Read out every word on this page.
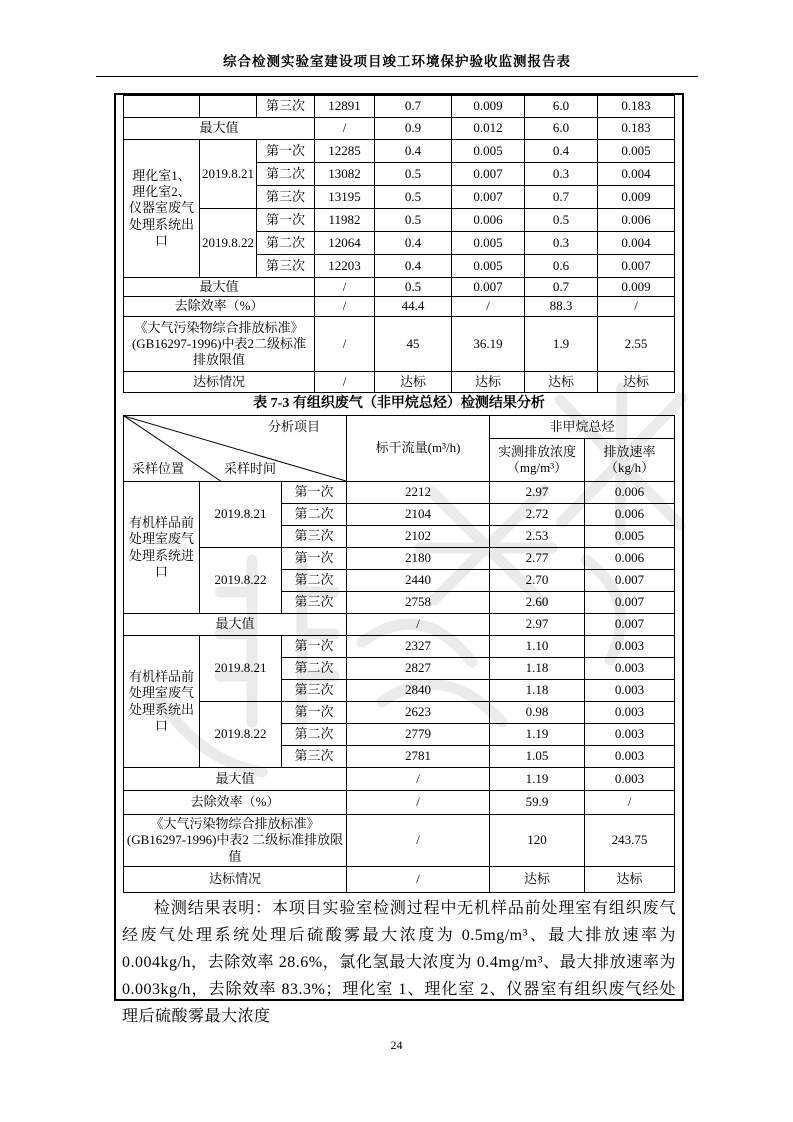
综合检测实验室建设项目竣工环境保护验收监测报告表
		第三次	12891	0.7	0.009	6.0	0.183
最大值			/	0.9	0.012	6.0	0.183
理化室1、理化室2、仪器室废气处理系统出口	2019.8.21	第一次	12285	0.4	0.005	0.4	0.005
		第二次	13082	0.5	0.007	0.3	0.004
		第三次	13195	0.5	0.007	0.7	0.009
	2019.8.22	第一次	11982	0.5	0.006	0.5	0.006
		第二次	12064	0.4	0.005	0.3	0.004
		第三次	12203	0.4	0.005	0.6	0.007
最大值			/	0.5	0.007	0.7	0.009
去除效率（%）			/	44.4	/	88.3	/
《大气污染物综合排放标准》(GB16297-1996)中表2二级标准排放限值			/	45	36.19	1.9	2.55
达标情况			/	达标	达标	达标	达标
表 7-3 有组织废气（非甲烷总烃）检测结果分析
分析项目
采样时间
采样位置			标干流量(m³/h)	非甲烷总烃	
				实测排放浓度（mg/m³）	排放速率（kg/h）
有机样品前处理室废气处理系统进口	2019.8.21	第一次	2212	2.97	0.006
		第二次	2104	2.72	0.006
		第三次	2102	2.53	0.005
	2019.8.22	第一次	2180	2.77	0.006
		第二次	2440	2.70	0.007
		第三次	2758	2.60	0.007
最大值			/	2.97	0.007
有机样品前处理室废气处理系统出口	2019.8.21	第一次	2327	1.10	0.003
		第二次	2827	1.18	0.003
		第三次	2840	1.18	0.003
	2019.8.22	第一次	2623	0.98	0.003
		第二次	2779	1.19	0.003
		第三次	2781	1.05	0.003
最大值			/	1.19	0.003
去除效率（%）			/	59.9	/
《大气污染物综合排放标准》(GB16297-1996)中表2 二级标准排放限值			/	120	243.75
达标情况			/	达标	达标
检测结果表明：本项目实验室检测过程中无机样品前处理室有组织废气经废气处理系统处理后硫酸雾最大浓度为 0.5mg/m³、最大排放速率为 0.004kg/h，去除效率 28.6%，氯化氢最大浓度为 0.4mg/m³、最大排放速率为 0.003kg/h，去除效率 83.3%；理化室 1、理化室 2、仪器室有组织废气经处理后硫酸雾最大浓度
24
